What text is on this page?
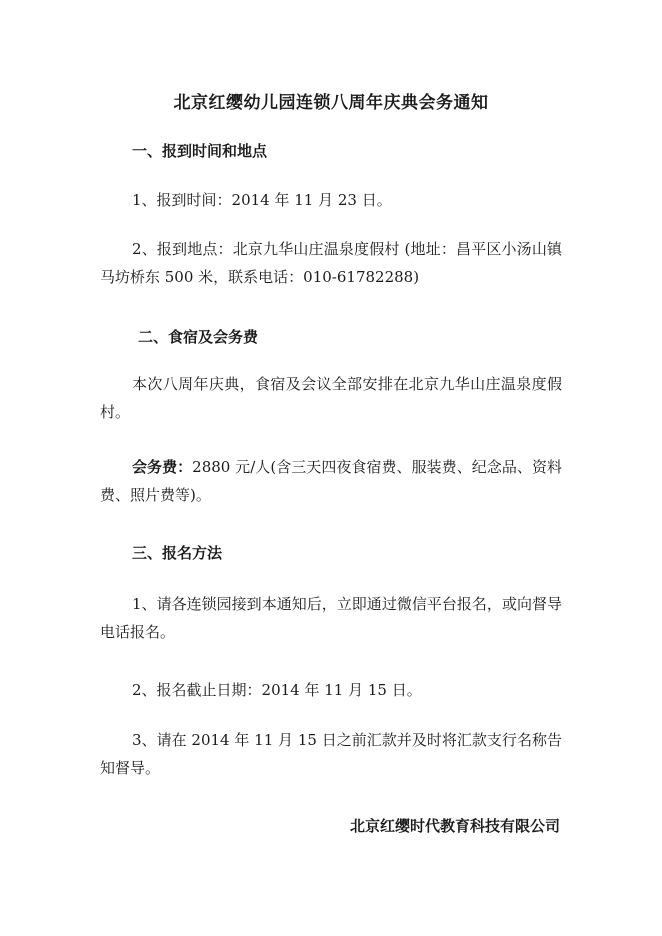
北京红缨幼儿园连锁八周年庆典会务通知
一、报到时间和地点
1、报到时间：2014 年 11 月 23 日。
2、报到地点：北京九华山庄温泉度假村 (地址：昌平区小汤山镇马坊桥东 500 米，联系电话：010-61782288)
二、食宿及会务费
本次八周年庆典，食宿及会议全部安排在北京九华山庄温泉度假村。
会务费：2880 元/人(含三天四夜食宿费、服装费、纪念品、资料费、照片费等)。
三、报名方法
1、请各连锁园接到本通知后，立即通过微信平台报名，或向督导电话报名。
2、报名截止日期：2014 年 11 月 15 日。
3、请在 2014 年 11 月 15 日之前汇款并及时将汇款支行名称告知督导。
北京红缨时代教育科技有限公司
